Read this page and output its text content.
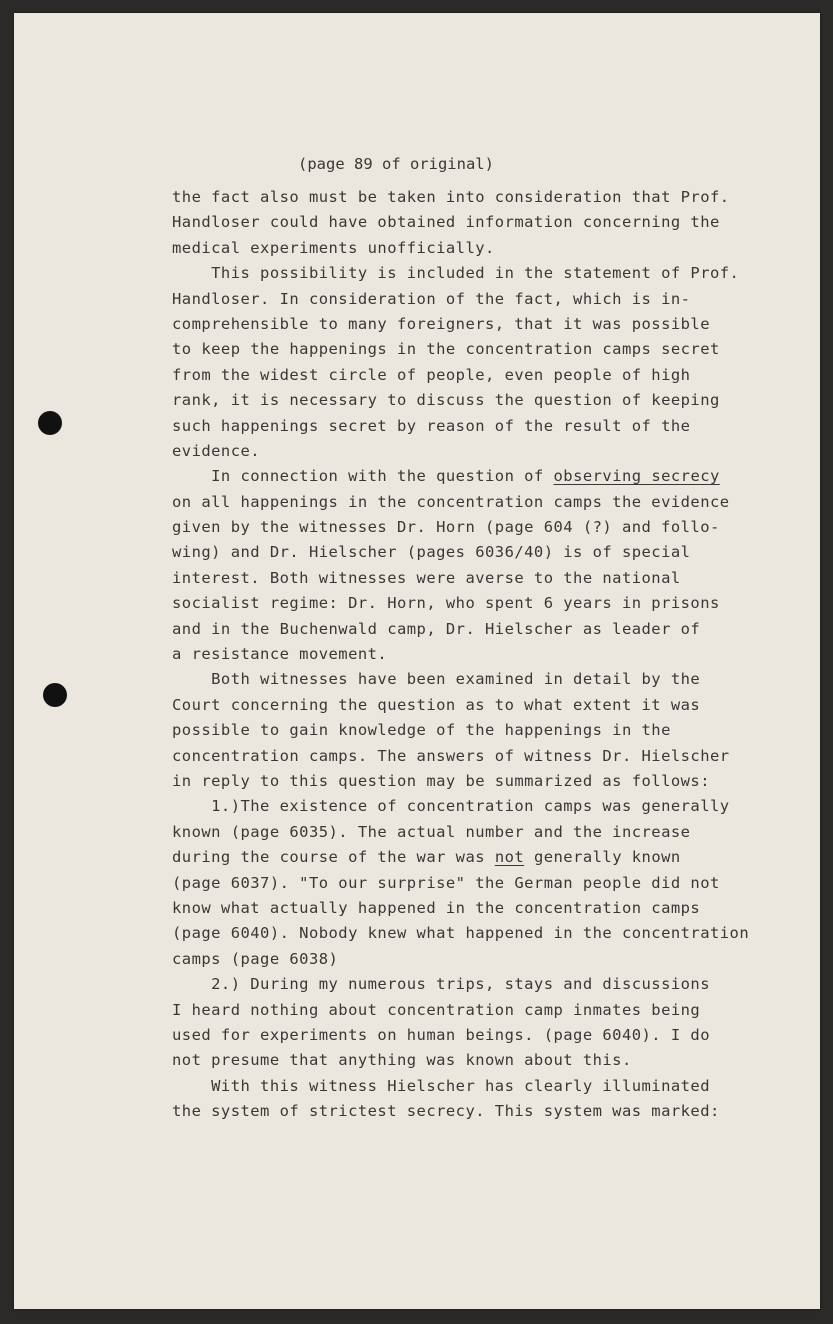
(page 89 of original)
the fact also must be taken into consideration that Prof.
Handloser could have obtained information concerning the
medical experiments unofficially.
This possibility is included in the statement of Prof.
Handloser. In consideration of the fact, which is in-
comprehensible to many foreigners, that it was possible
to keep the happenings in the concentration camps secret
from the widest circle of people, even people of high
rank, it is necessary to discuss the question of keeping
such happenings secret by reason of the result of the
evidence.
In connection with the question of observing secrecy
on all happenings in the concentration camps the evidence
given by the witnesses Dr. Horn (page 604 (?) and follo-
wing) and Dr. Hielscher (pages 6036/40) is of special
interest. Both witnesses were averse to the national
socialist regime: Dr. Horn, who spent 6 years in prisons
and in the Buchenwald camp, Dr. Hielscher as leader of
a resistance movement.
Both witnesses have been examined in detail by the
Court concerning the question as to what extent it was
possible to gain knowledge of the happenings in the
concentration camps. The answers of witness Dr. Hielscher
in reply to this question may be summarized as follows:
1.)The existence of concentration camps was generally
known (page 6035). The actual number and the increase
during the course of the war was not generally known
(page 6037). "To our surprise" the German people did not
know what actually happened in the concentration camps
(page 6040). Nobody knew what happened in the concentration
camps (page 6038)
2.) During my numerous trips, stays and discussions
I heard nothing about concentration camp inmates being
used for experiments on human beings. (page 6040). I do
not presume that anything was known about this.
With this witness Hielscher has clearly illuminated
the system of strictest secrecy. This system was marked:
